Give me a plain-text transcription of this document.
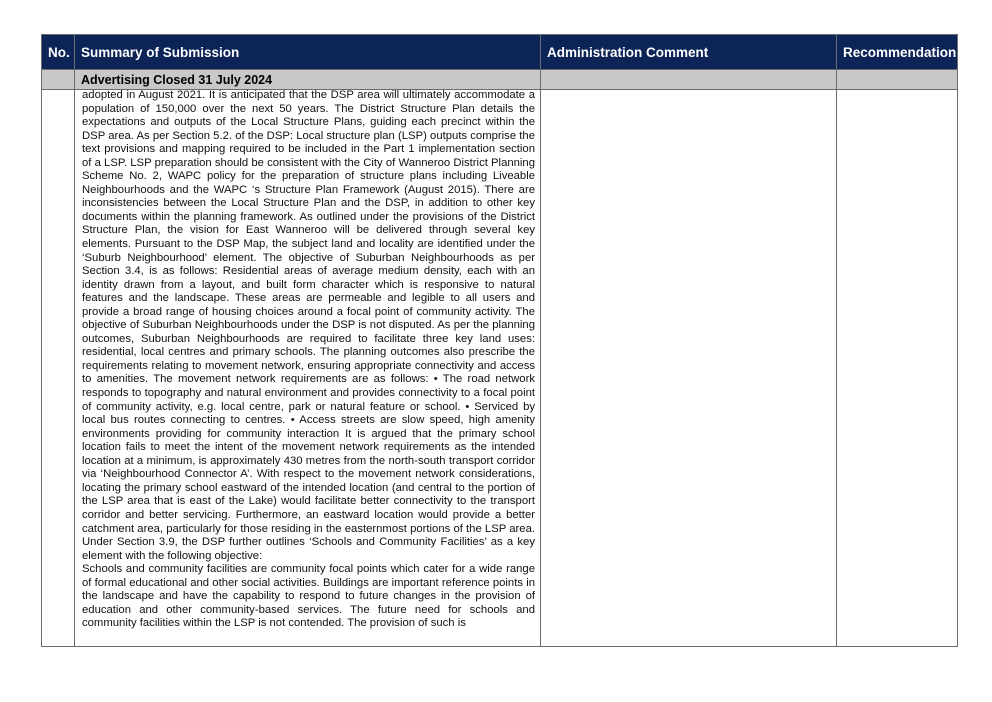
No.	Summary of Submission	Administration Comment	Recommendation
	Advertising Closed 31 July 2024		

	adopted in August 2021. It is anticipated that the DSP area will ultimately accommodate a population of 150,000 over the next 50 years. The District Structure Plan details the expectations and outputs of the Local Structure Plans, guiding each precinct within the DSP area. As per Section 5.2. of the DSP: Local structure plan (LSP) outputs comprise the text provisions and mapping required to be included in the Part 1 implementation section of a LSP. LSP preparation should be consistent with the City of Wanneroo District Planning Scheme No. 2, WAPC policy for the preparation of structure plans including Liveable Neighbourhoods and the WAPC ‘s Structure Plan Framework (August 2015). There are inconsistencies between the Local Structure Plan and the DSP, in addition to other key documents within the planning framework. As outlined under the provisions of the District Structure Plan, the vision for East Wanneroo will be delivered through several key elements. Pursuant to the DSP Map, the subject land and locality are identified under the ‘Suburb Neighbourhood’ element. The objective of Suburban Neighbourhoods as per Section 3.4, is as follows: Residential areas of average medium density, each with an identity drawn from a layout, and built form character which is responsive to natural features and the landscape. These areas are permeable and legible to all users and provide a broad range of housing choices around a focal point of community activity. The objective of Suburban Neighbourhoods under the DSP is not disputed. As per the planning outcomes, Suburban Neighbourhoods are required to facilitate three key land uses: residential, local centres and primary schools. The planning outcomes also prescribe the requirements relating to movement network, ensuring appropriate connectivity and access to amenities. The movement network requirements are as follows: • The road network responds to topography and natural environment and provides connectivity to a focal point of community activity, e.g. local centre, park or natural feature or school. • Serviced by local bus routes connecting to centres. • Access streets are slow speed, high amenity environments providing for community interaction It is argued that the primary school location fails to meet the intent of the movement network requirements as the intended location at a minimum, is approximately 430 metres from the north-south transport corridor via ‘Neighbourhood Connector A’. With respect to the movement network considerations, locating the primary school eastward of the intended location (and central to the portion of the LSP area that is east of the Lake) would facilitate better connectivity to the transport corridor and better servicing. Furthermore, an eastward location would provide a better catchment area, particularly for those residing in the easternmost portions of the LSP area. Under Section 3.9, the DSP further outlines ‘Schools and Community Facilities’ as a key element with the following objective:

Schools and community facilities are community focal points which cater for a wide range of formal educational and other social activities. Buildings are important reference points in the landscape and have the capability to respond to future changes in the provision of education and other community-based services. The future need for schools and community facilities within the LSP is not contended. The provision of such is		
